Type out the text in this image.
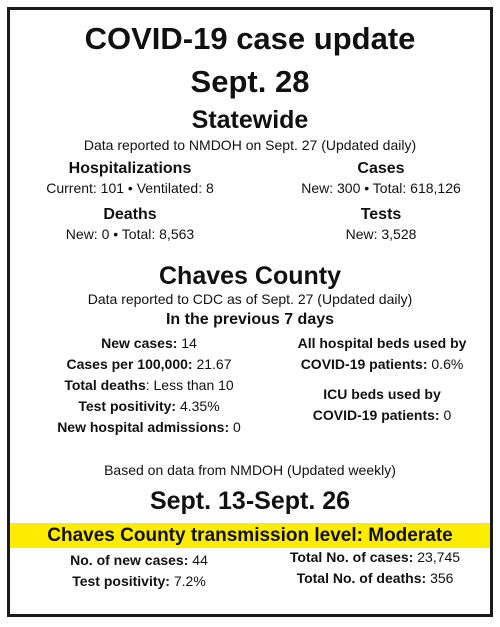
COVID-19 case update
Sept. 28
Statewide
Data reported to NMDOH on Sept. 27 (Updated daily)
Hospitalizations
Current: 101 • Ventilated: 8
Cases
New: 300 • Total: 618,126
Deaths
New: 0 • Total: 8,563
Tests
New: 3,528
Chaves County
Data reported to CDC as of Sept. 27 (Updated daily)
In the previous 7 days
New cases: 14
Cases per 100,000: 21.67
Total deaths: Less than 10
Test positivity: 4.35%
New hospital admissions: 0
All hospital beds used by
COVID-19 patients: 0.6%
ICU beds used by
COVID-19 patients: 0
Based on data from NMDOH (Updated weekly)
Sept. 13-Sept. 26
Chaves County transmission level: Moderate
No. of new cases: 44
Test positivity: 7.2%
Total No. of cases: 23,745
Total No. of deaths: 356
